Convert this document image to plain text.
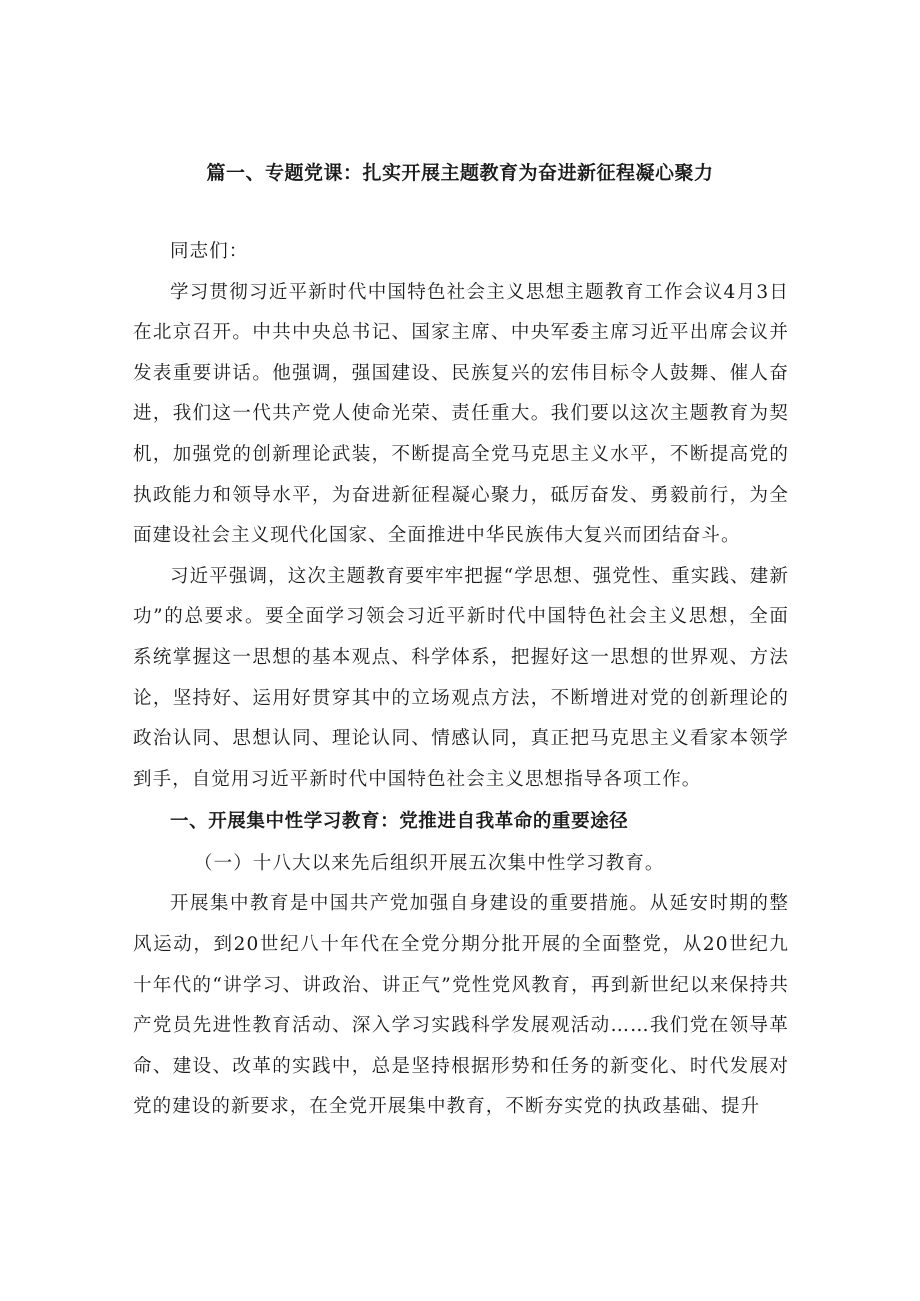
篇一、专题党课：扎实开展主题教育为奋进新征程凝心聚力

同志们：

学习贯彻习近平新时代中国特色社会主义思想主题教育工作会议4月3日在北京召开。中共中央总书记、国家主席、中央军委主席习近平出席会议并发表重要讲话。他强调，强国建设、民族复兴的宏伟目标令人鼓舞、催人奋进，我们这一代共产党人使命光荣、责任重大。我们要以这次主题教育为契机，加强党的创新理论武装，不断提高全党马克思主义水平，不断提高党的执政能力和领导水平，为奋进新征程凝心聚力，砥厉奋发、勇毅前行，为全面建设社会主义现代化国家、全面推进中华民族伟大复兴而团结奋斗。

习近平强调，这次主题教育要牢牢把握“学思想、强党性、重实践、建新功”的总要求。要全面学习领会习近平新时代中国特色社会主义思想，全面系统掌握这一思想的基本观点、科学体系，把握好这一思想的世界观、方法论，坚持好、运用好贯穿其中的立场观点方法，不断增进对党的创新理论的政治认同、思想认同、理论认同、情感认同，真正把马克思主义看家本领学到手，自觉用习近平新时代中国特色社会主义思想指导各项工作。

一、开展集中性学习教育：党推进自我革命的重要途径

（一）十八大以来先后组织开展五次集中性学习教育。

开展集中教育是中国共产党加强自身建设的重要措施。从延安时期的整风运动，到20世纪八十年代在全党分期分批开展的全面整党，从20世纪九十年代的“讲学习、讲政治、讲正气”党性党风教育，再到新世纪以来保持共产党员先进性教育活动、深入学习实践科学发展观活动……我们党在领导革命、建设、改革的实践中，总是坚持根据形势和任务的新变化、时代发展对党的建设的新要求，在全党开展集中教育，不断夯实党的执政基础、提升
